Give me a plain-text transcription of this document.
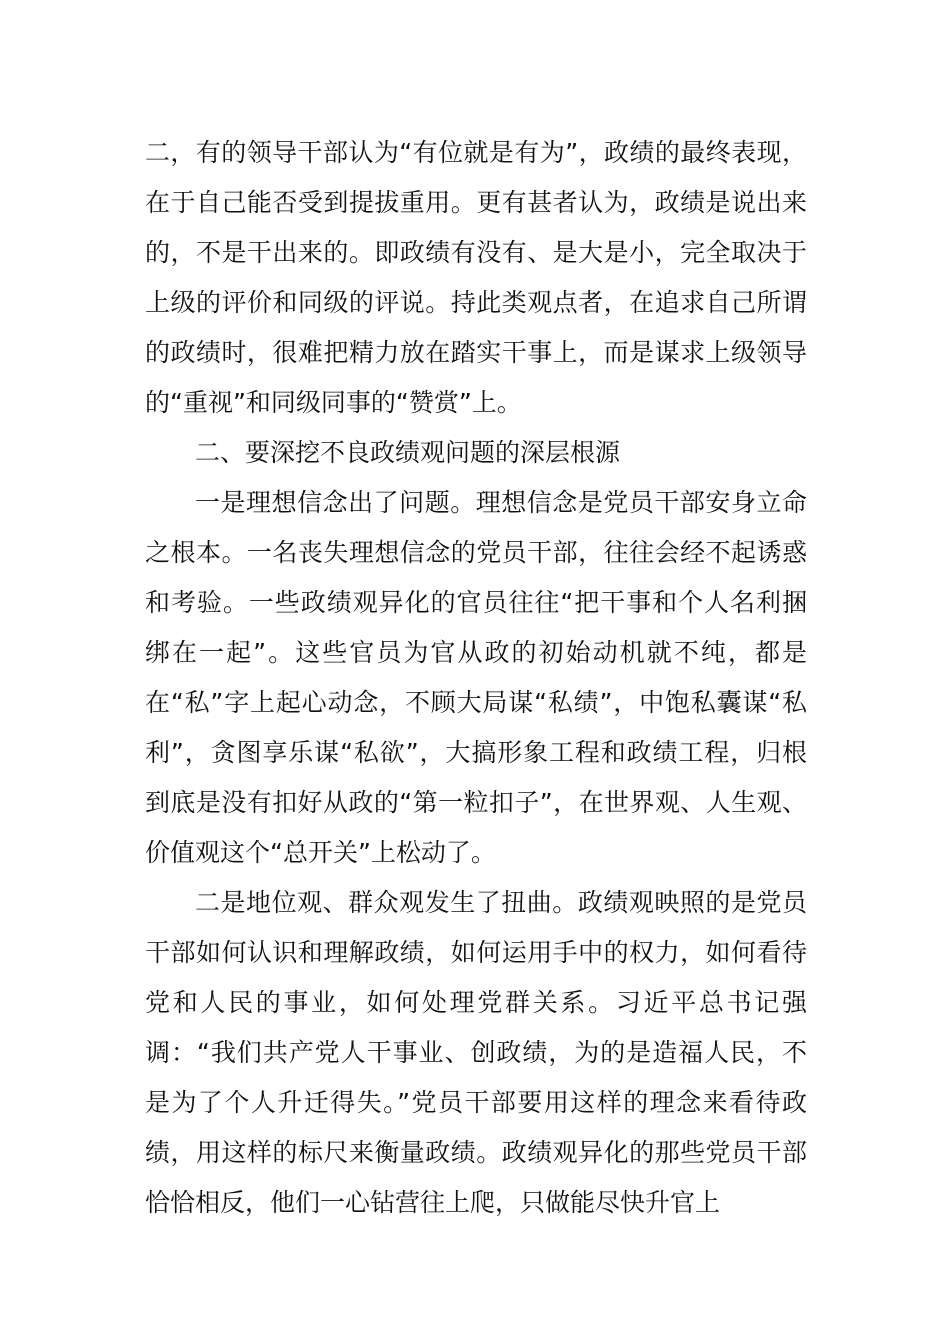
二，有的领导干部认为“有位就是有为”，政绩的最终表现，在于自己能否受到提拔重用。更有甚者认为，政绩是说出来的，不是干出来的。即政绩有没有、是大是小，完全取决于上级的评价和同级的评说。持此类观点者，在追求自己所谓的政绩时，很难把精力放在踏实干事上，而是谋求上级领导的“重视”和同级同事的“赞赏”上。

二、要深挖不良政绩观问题的深层根源

一是理想信念出了问题。理想信念是党员干部安身立命之根本。一名丧失理想信念的党员干部，往往会经不起诱惑和考验。一些政绩观异化的官员往往“把干事和个人名利捆绑在一起”。这些官员为官从政的初始动机就不纯，都是在“私”字上起心动念，不顾大局谋“私绩”，中饱私囊谋“私利”，贪图享乐谋“私欲”，大搞形象工程和政绩工程，归根到底是没有扣好从政的“第一粒扣子”，在世界观、人生观、价值观这个“总开关”上松动了。

二是地位观、群众观发生了扭曲。政绩观映照的是党员干部如何认识和理解政绩，如何运用手中的权力，如何看待党和人民的事业，如何处理党群关系。习近平总书记强调：“我们共产党人干事业、创政绩，为的是造福人民，不是为了个人升迁得失。”党员干部要用这样的理念来看待政绩，用这样的标尺来衡量政绩。政绩观异化的那些党员干部恰恰相反，他们一心钻营往上爬，只做能尽快升官上
